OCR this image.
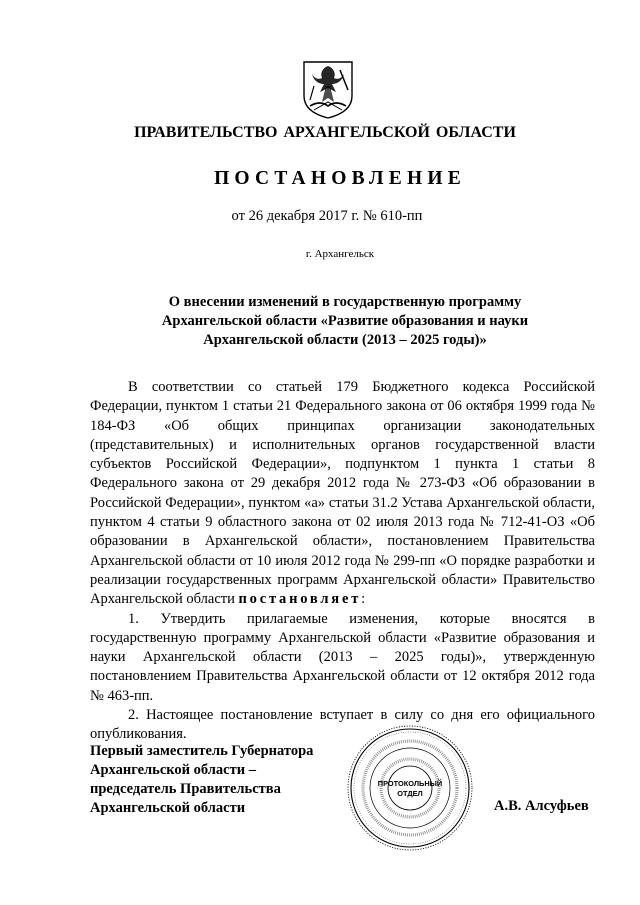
ПРАВИТЕЛЬСТВО АРХАНГЕЛЬСКОЙ ОБЛАСТИ
ПОСТАНОВЛЕНИЕ
от 26 декабря 2017 г. № 610-пп
г. Архангельск
О внесении изменений в государственную программу
Архангельской области «Развитие образования и науки
Архангельской области (2013 – 2025 годы)»

В соответствии со статьей 179 Бюджетного кодекса Российской Федерации, пунктом 1 статьи 21 Федерального закона от 06 октября 1999 года № 184-ФЗ «Об общих принципах организации законодательных (представительных) и исполнительных органов государственной власти субъектов Российской Федерации», подпунктом 1 пункта 1 статьи 8 Федерального закона от 29 декабря 2012 года № 273-ФЗ «Об образовании в Российской Федерации», пунктом «а» статьи 31.2 Устава Архангельской области, пунктом 4 статьи 9 областного закона от 02 июля 2013 года № 712-41-ОЗ «Об образовании в Архангельской области», постановлением Правительства Архангельской области от 10 июля 2012 года № 299-пп «О порядке разработки и реализации государственных программ Архангельской области» Правительство Архангельской области постановляет:

1. Утвердить прилагаемые изменения, которые вносятся в государственную программу Архангельской области «Развитие образования и науки Архангельской области (2013 – 2025 годы)», утвержденную постановлением Правительства Архангельской области от 12 октября 2012 года № 463-пп.

2. Настоящее постановление вступает в силу со дня его официального опубликования.

Первый заместитель Губернатора
Архангельской области –
председатель Правительства
Архангельской области
ПРОТОКОЛЬНЫЙ
ОТДЕЛ
А.В. Алсуфьев
